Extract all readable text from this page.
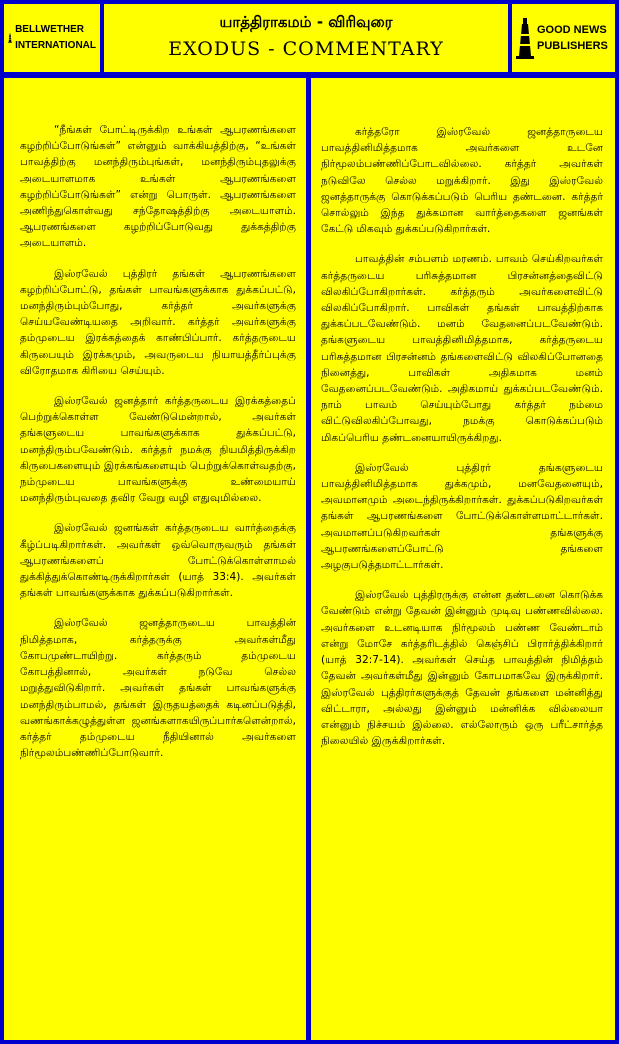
BELLWETHER
INTERNATIONAL
யாத்திராகமம் - விரிவுரை
EXODUS - COMMENTARY
GOOD NEWS
PUBLISHERS

“நீங்கள் போட்டிருக்கிற உங்கள் ஆபரணங்களை கழற்றிப்போடுங்கள்” என்னும் வாக்கியத்திற்கு, “உங்கள் பாவத்திற்கு மனந்திரும்புங்கள், மனந்திரும்புதலுக்கு அடையாளமாக உங்கள் ஆபரணங்களை கழற்றிப்போடுங்கள்” என்று பொருள். ஆபரணங்களை அணிந்துகொள்வது சந்தோஷத்திற்கு அடையாளம். ஆபரணங்களை கழற்றிப்போடுவது துக்கத்திற்கு அடையாளம்.

இஸ்ரவேல் புத்திரர் தங்கள் ஆபரணங்களை கழற்றிப்போட்டு, தங்கள் பாவங்களுக்காக துக்கப்பட்டு, மனந்திரும்பும்போது, கர்த்தர் அவர்களுக்கு செய்யவேண்டியதை அறிவார். கர்த்தர் அவர்களுக்கு தம்முடைய இரக்கத்தைக் காண்பிப்பார். கர்த்தருடைய கிருபையும் இரக்கமும், அவருடைய நியாயத்தீர்ப்புக்கு விரோதமாக கிரியை செய்யும்.

இஸ்ரவேல் ஜனத்தார் கர்த்தருடைய இரக்கத்தைப் பெற்றுக்கொள்ள வேண்டுமென்றால், அவர்கள் தங்களுடைய பாவங்களுக்காக துக்கப்பட்டு, மனந்திரும்பவேண்டும். கர்த்தர் நமக்கு நியமித்திருக்கிற கிருபைகளையும் இரக்கங்களையும் பெற்றுக்கொள்வதற்கு, நம்முடைய பாவங்களுக்கு உண்மையாய் மனந்திரும்புவதை தவிர வேறு வழி எதுவுமில்லை.

இஸ்ரவேல் ஜனங்கள் கர்த்தருடைய வார்த்தைக்கு கீழ்ப்படிகிறார்கள். அவர்கள் ஒவ்வொருவரும் தங்கள் ஆபரணங்களைப் போட்டுக்கொள்ளாமல் துக்கித்துக்கொண்டிருக்கிறார்கள் (யாத் 33:4). அவர்கள் தங்கள் பாவங்களுக்காக துக்கப்படுகிறார்கள்.

இஸ்ரவேல் ஜனத்தாருடைய பாவத்தின் நிமித்தமாக, கர்த்தருக்கு அவர்கள்மீது கோபமுண்டாயிற்று. கர்த்தரும் தம்முடைய கோபத்தினால், அவர்கள் நடுவே செல்ல மறுத்துவிடுகிறார். அவர்கள் தங்கள் பாவங்களுக்கு மனந்திரும்பாமல், தங்கள் இருதயத்தைக் கடினப்படுத்தி, வணங்காக்கழுத்துள்ள ஜனங்களாகயிருப்பார்களென்றால், கர்த்தர் தம்முடைய நீதியினால் அவர்களை நிர்மூலம்பண்ணிப்போடுவார்.

கர்த்தரோ இஸ்ரவேல் ஜனத்தாருடைய பாவத்தினிமித்தமாக அவர்களை உடனே நிர்மூலம்பண்ணிப்போடவில்லை. கர்த்தர் அவர்கள் நடுவிலே செல்ல மறுக்கிறார். இது இஸ்ரவேல் ஜனத்தாருக்கு கொடுக்கப்படும் பெரிய தண்டனை. கர்த்தர் சொல்லும் இந்த துக்கமான வார்த்தைகளை ஜனங்கள் கேட்டு மிகவும் துக்கப்படுகிறார்கள்.

பாவத்தின் சம்பளம் மரணம். பாவம் செய்கிறவர்கள் கர்த்தருடைய பரிசுத்தமான பிரசன்னத்தைவிட்டு விலகிப்போகிறார்கள். கர்த்தரும் அவர்களைவிட்டு விலகிப்போகிறார். பாவிகள் தங்கள் பாவத்திற்காக துக்கப்படவேண்டும். மனம் வேதனைப்படவேண்டும். தங்களுடைய பாவத்தினிமித்தமாக, கர்த்தருடைய பரிசுத்தமான பிரசன்னம் தங்களைவிட்டு விலகிப்போனதை நினைத்து, பாவிகள் அதிகமாக மனம் வேதனைப்படவேண்டும். அதிகமாய் துக்கப்படவேண்டும். நாம் பாவம் செய்யும்போது கர்த்தர் நம்மை விட்டுவிலகிப்போவது, நமக்கு கொடுக்கப்படும் மிகப்பெரிய தண்டனையாயிருக்கிறது.

இஸ்ரவேல் புத்திரர் தங்களுடைய பாவத்தினிமித்தமாக துக்கமும், மனவேதனையும், அவமானமும் அடைந்திருக்கிறார்கள். துக்கப்படுகிறவர்கள் தங்கள் ஆபரணங்களை போட்டுக்கொள்ளமாட்டார்கள். அவமானப்படுகிறவர்கள் தங்களுக்கு ஆபரணங்களைப்போட்டு தங்களை அழகுபடுத்தமாட்டார்கள்.

இஸ்ரவேல் புத்திரருக்கு என்ன தண்டனை கொடுக்க வேண்டும் என்று தேவன் இன்னும் முடிவு பண்ணவில்லை. அவர்களை உடனடியாக நிர்மூலம் பண்ண வேண்டாம் என்று மோசே கர்த்தரிடத்தில் கெஞ்சிப் பிரார்த்திக்கிறார் (யாத் 32:7-14). அவர்கள் செய்த பாவத்தின் நிமித்தம் தேவன் அவர்கள்மீது இன்னும் கோபமாகவே இருக்கிறார். இஸ்ரவேல் புத்திரர்களுக்குத் தேவன் தங்களை மன்னித்து விட்டாரா, அல்லது இன்னும் மன்னிக்க வில்லையா என்னும் நிச்சயம் இல்லை. எல்லோரும் ஒரு பரீட்சார்த்த நிலையில் இருக்கிறார்கள்.
